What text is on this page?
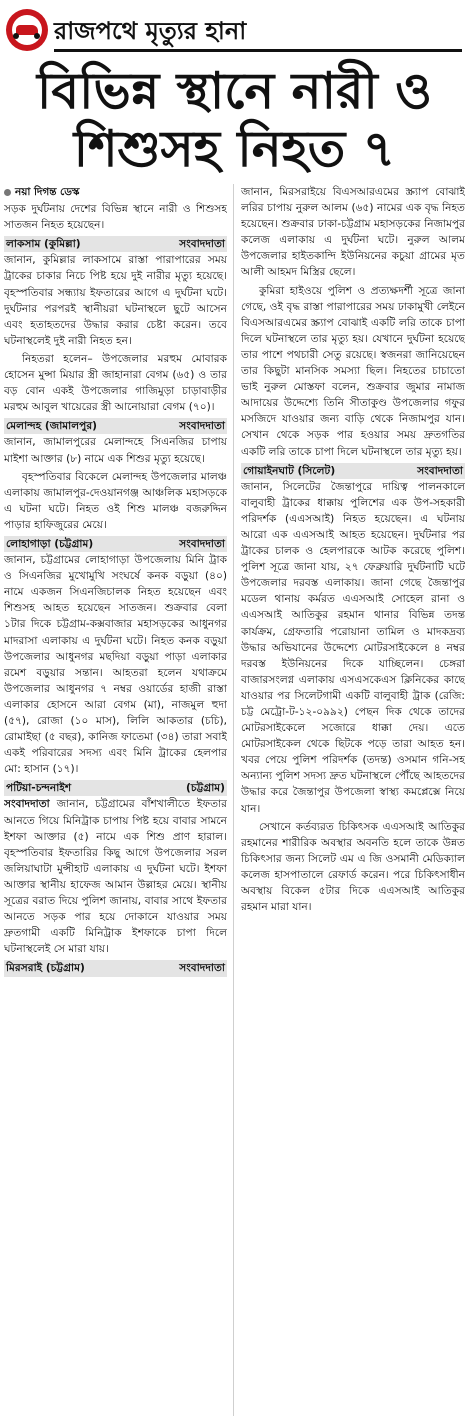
রাজপথে মৃত্যুর হানা
বিভিন্ন স্থানে নারী ও
শিশুসহ নিহত ৭
নয়া দিগন্ত ডেস্ক

সড়ক দুর্ঘটনায় দেশের বিভিন্ন স্থানে নারী ও শিশুসহ সাতজন নিহত হয়েছেন।

লাকসাম (কুমিল্লা)	সংবাদদাতা

জানান, কুমিল্লার লাকসামে রাস্তা পারাপারের সময় ট্রাকের চাকার নিচে পিষ্ট হয়ে দুই নারীর মৃত্যু হয়েছে। বৃহস্পতিবার সন্ধ্যায় ইফতারের আগে এ দুর্ঘটনা ঘটে। দুর্ঘটনার পরপরই স্থানীয়রা ঘটনাস্থলে ছুটে আসেন এবং হতাহতদের উদ্ধার করার চেষ্টা করেন। তবে ঘটনাস্থলেই দুই নারী নিহত হন।

নিহতরা হলেন– উপজেলার মরহুম মোবারক হোসেন মুন্সা মিয়ার স্ত্রী জাহানারা বেগম (৬৫) ও তার বড় বোন একই উপজেলার গাজিমুড়া চাড়াবাড়ীর মরহুম আবুল খায়েরের স্ত্রী আনোয়ারা বেগম (৭০)।

মেলান্দহ (জামালপুর)	সংবাদদাতা

জানান, জামালপুরের মেলান্দহে সিএনজির চাপায় মাইশা আক্তার (৮) নামে এক শিশুর মৃত্যু হয়েছে।

বৃহস্পতিবার বিকেলে মেলান্দহ উপজেলার মালঞ্চ এলাকায় জামালপুর-দেওয়ানগঞ্জ আঞ্চলিক মহাসড়কে এ ঘটনা ঘটে। নিহত ওই শিশু মালঞ্চ বজরুদ্দিন পাড়ার হাফিজুরের মেয়ে।

লোহাগাড়া (চট্টগ্রাম)	সংবাদদাতা

জানান, চট্টগ্রামের লোহাগাড়া উপজেলায় মিনি ট্রাক ও সিএনজির মুখোমুখি সংঘর্ষে কনক বড়ুয়া (৪০) নামে একজন সিএনজিচালক নিহত হয়েছেন এবং শিশুসহ আহত হয়েছেন সাতজন। শুক্রবার বেলা ১টার দিকে চট্টগ্রাম-কক্সবাজার মহাসড়কের আধুনগর মাদরাসা এলাকায় এ দুর্ঘটনা ঘটে। নিহত কনক বড়ুয়া উপজেলার আধুনগর মছদিয়া বড়ুয়া পাড়া এলাকার রমেশ বড়ুয়ার সন্তান। আহতরা হলেন যথাক্রমে উপজেলার আধুনগর ৭ নম্বর ওয়ার্ডের হাজী রাস্তা এলাকার হোসনে আরা বেগম (মা), নাজমুল হুদা (৫৭), রোজা (১০ মাস), লিলি আকতার (চচি), রোমাইছা (৫ বছর), কানিজ ফাতেমা (৩৪) তারা সবাই একই পরিবারের সদস্য এবং মিনি ট্রাকের হেলপার মো: হাসান (১৭)।

পটিয়া-চন্দনাইশ	(চট্টগ্রাম)

সংবাদদাতা জানান, চট্টগ্রামের বাঁশখালীতে ইফতার আনতে গিয়ে মিনিট্রাক চাপায় পিষ্ট হয়ে বাবার সামনে ইশফা আক্তার (৫) নামে এক শিশু প্রাণ হারাল। বৃহস্পতিবার ইফতারির কিছু আগে উপজেলার সরল জলিয়াঘাটা মুন্সীহাট এলাকায় এ দুর্ঘটনা ঘটে। ইশফা আক্তার স্থানীয় হাফেজ আমান উল্লাহর মেয়ে। স্থানীয় সূত্রের বরাত দিয়ে পুলিশ জানায়, বাবার সাথে ইফতার আনতে সড়ক পার হয়ে দোকানে যাওয়ার সময় দ্রুতগামী একটি মিনিট্রাক ইশফাকে চাপা দিলে ঘটনাস্থলেই সে মারা যায়।

মিরসরাই (চট্টগ্রাম)	সংবাদদাতা

জানান, মিরসরাইয়ে বিএসআরএমের স্ক্র্যাপ বোঝাই লরির চাপায় নুরুল আলম (৬৫) নামের এক বৃদ্ধ নিহত হয়েছেন। শুক্রবার ঢাকা-চট্টগ্রাম মহাসড়কের নিজামপুর কলেজ এলাকায় এ দুর্ঘটনা ঘটে। নুরুল আলম উপজেলার হাইতকান্দি ইউনিয়নের কচুয়া গ্রামের মৃত আলী আহমদ মিস্ত্রির ছেলে।

কুমিরা হাইওয়ে পুলিশ ও প্রত্যক্ষদর্শী সূত্রে জানা গেছে, ওই বৃদ্ধ রাস্তা পারাপারের সময় ঢাকামুখী লেইনে বিএসআরএমের স্ক্র্যাপ বোঝাই একটি লরি তাকে চাপা দিলে ঘটনাস্থলে তার মৃত্যু হয়। যেখানে দুর্ঘটনা হয়েছে তার পাশে পথচারী সেতু রয়েছে। স্বজনরা জানিয়েছেন তার কিছুটা মানসিক সমস্যা ছিল। নিহতের চাচাতো ভাই নুরুল মোস্তফা বলেন, শুক্রবার জুমার নামাজ আদায়ের উদ্দেশ্যে তিনি সীতাকুণ্ড উপজেলার গফুর মসজিদে যাওয়ার জন্য বাড়ি থেকে নিজামপুর যান। সেখান থেকে সড়ক পার হওয়ার সময় দ্রুতগতির একটি লরি তাকে চাপা দিলে ঘটনাস্থলে তার মৃত্যু হয়।

গোয়াইনঘাট (সিলেট)	সংবাদদাতা

জানান, সিলেটের জৈন্তাপুরে দায়িত্ব পালনকালে বালুবাহী ট্রাকের ধাক্কায় পুলিশের এক উপ-সহকারী পরিদর্শক (এএসআই) নিহত হয়েছেন। এ ঘটনায় আরো এক এএসআই আহত হয়েছেন। দুর্ঘটনার পর ট্রাকের চালক ও হেলপারকে আটক করেছে পুলিশ। পুলিশ সূত্রে জানা যায়, ২৭ ফেব্রুয়ারি দুর্ঘটনাটি ঘটে উপজেলার দরবস্ত এলাকায়। জানা গেছে জৈন্তাপুর মডেল থানায় কর্মরত এএসআই সোহেল রানা ও এএসআই আতিকুর রহমান থানার বিভিন্ন তদন্ত কার্যক্রম, গ্রেফতারি পরোয়ানা তামিল ও মাদকদ্রব্য উদ্ধার অভিযানের উদ্দেশ্যে মোটরসাইকেলে ৪ নম্বর দরবস্ত ইউনিয়নের দিকে যাচ্ছিলেন। চেঙ্গরা বাজারসংলগ্ন এলাকায় এসএসকেএস ক্লিনিকের কাছে যাওয়ার পর সিলেটগামী একটি বালুবাহী ট্রাক (রেজি: চট্ট মেট্রো-ট-১২-০৯৯২) পেছন দিক থেকে তাদের মোটরসাইকেলে সজোরে ধাক্কা দেয়। এতে মোটরসাইকেল থেকে ছিটকে পড়ে তারা আহত হন। খবর পেয়ে পুলিশ পরিদর্শক (তদন্ত) ওসমান গনি-সহ অন্যান্য পুলিশ সদস্য দ্রুত ঘটনাস্থলে পৌঁছে আহতদের উদ্ধার করে জৈন্তাপুর উপজেলা স্বাস্থ্য কমপ্লেক্সে নিয়ে যান।

সেখানে কর্তব্যরত চিকিৎসক এএসআই আতিকুর রহমানের শারীরিক অবস্থার অবনতি হলে তাকে উন্নত চিকিৎসার জন্য সিলেট এম এ জি ওসমানী মেডিক্যাল কলেজ হাসপাতালে রেফার্ড করেন। পরে চিকিৎসাধীন অবস্থায় বিকেল ৫টার দিকে এএসআই আতিকুর রহমান মারা যান।
